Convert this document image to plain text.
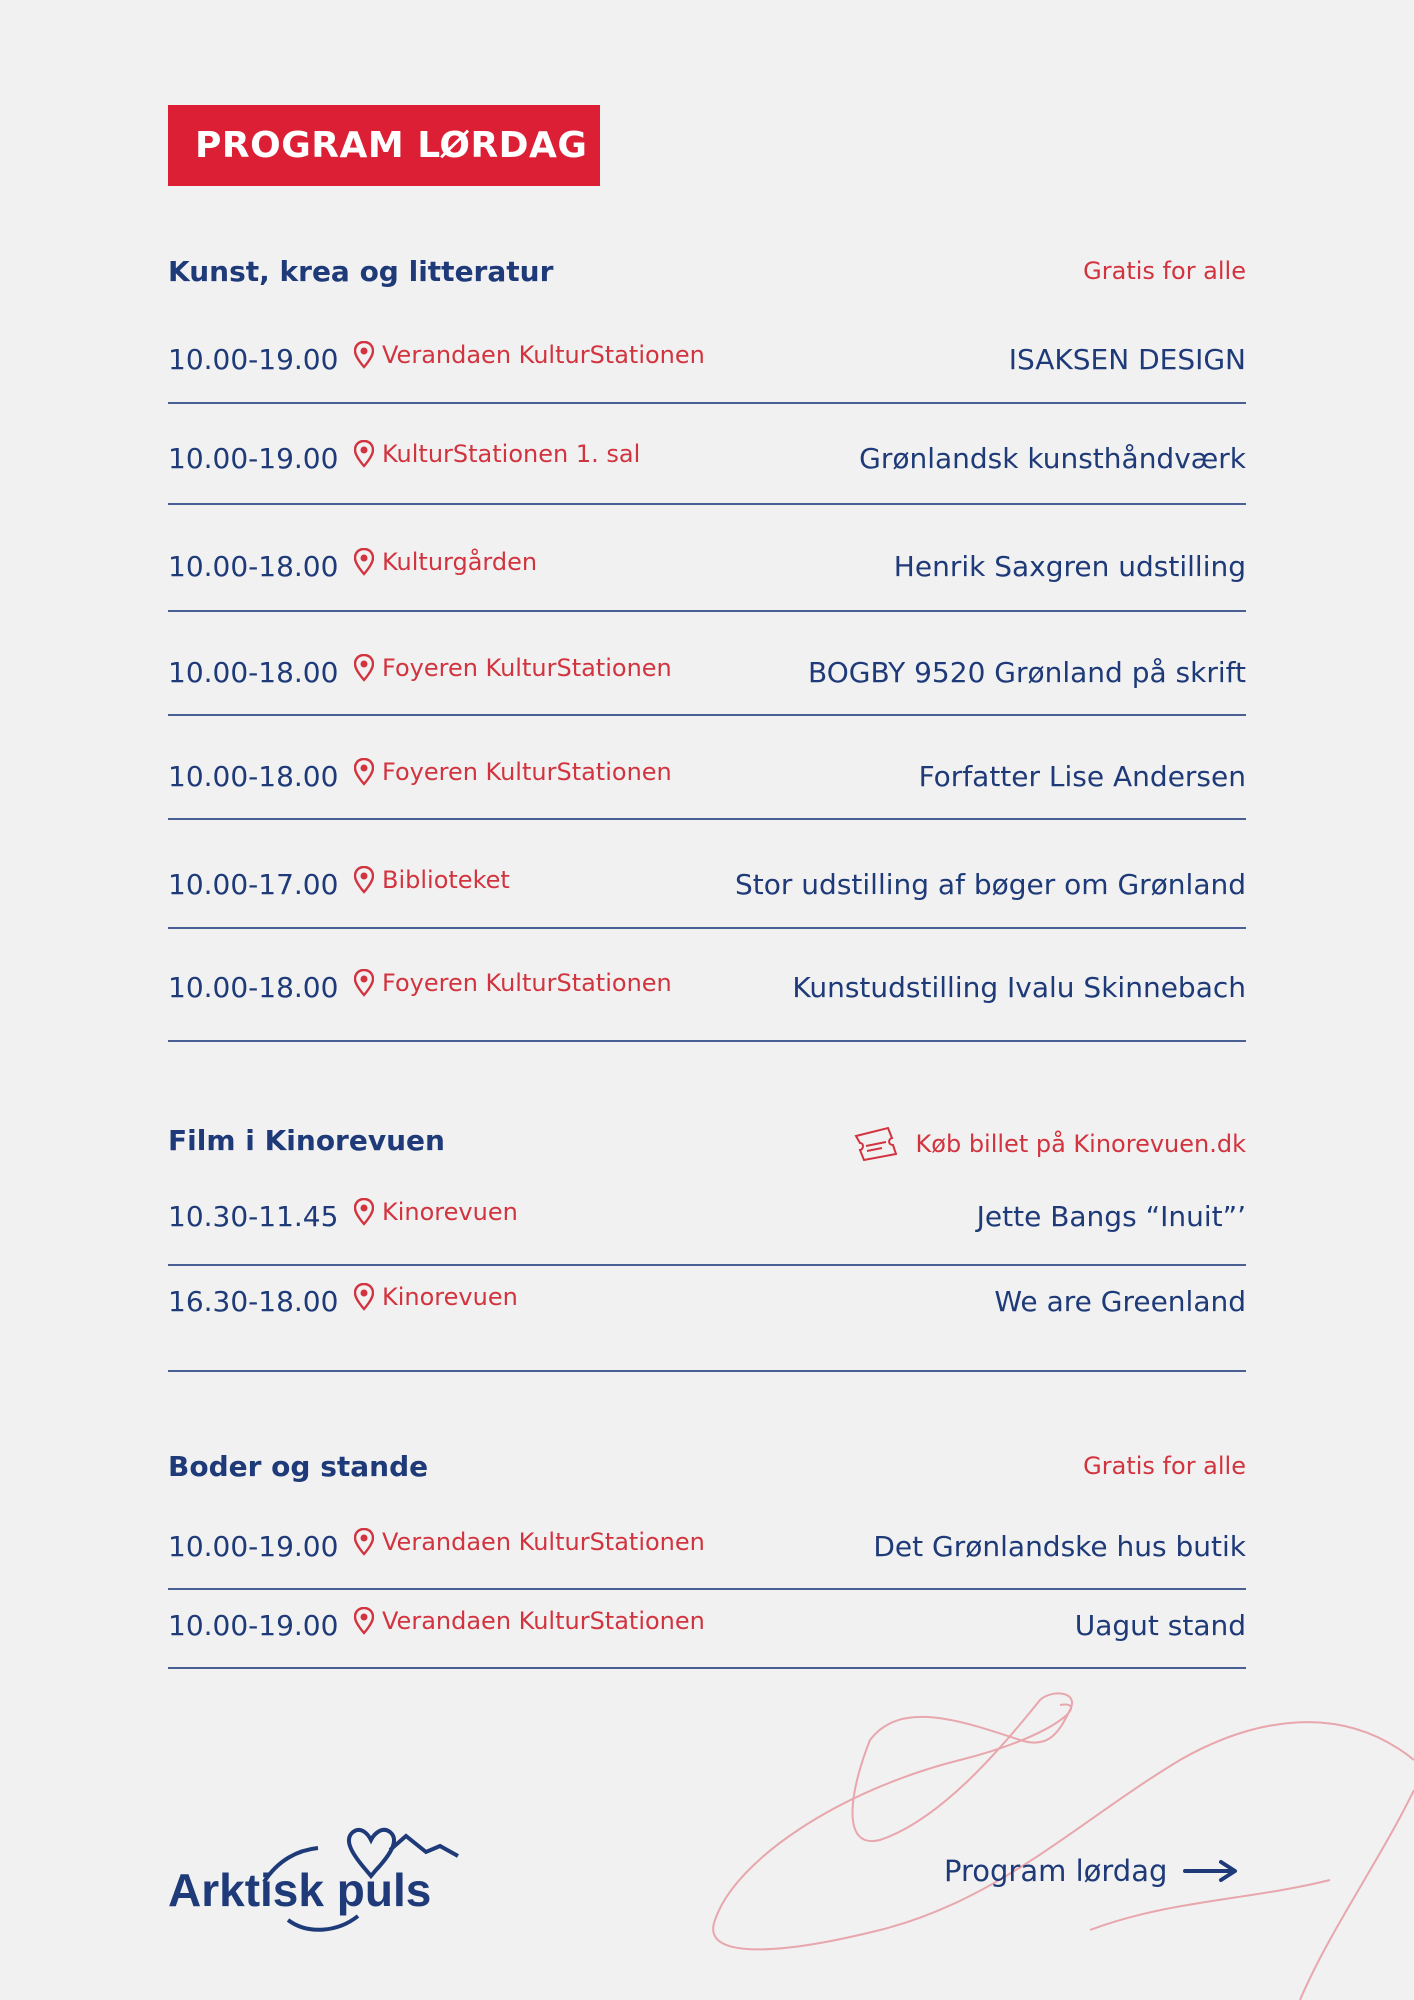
PROGRAM LØRDAG
Kunst, krea og litteratur	Gratis for alle
10.00-19.00 Verandaen KulturStationen	ISAKSEN DESIGN
10.00-19.00 KulturStationen 1. sal	Grønlandsk kunsthåndværk
10.00-18.00 Kulturgården	Henrik Saxgren udstilling
10.00-18.00 Foyeren KulturStationen	BOGBY 9520 Grønland på skrift
10.00-18.00 Foyeren KulturStationen	Forfatter Lise Andersen
10.00-17.00 Biblioteket	Stor udstilling af bøger om Grønland
10.00-18.00 Foyeren KulturStationen	Kunstudstilling Ivalu Skinnebach
Film i Kinorevuen	Køb billet på Kinorevuen.dk
10.30-11.45 Kinorevuen	Jette Bangs “Inuit”’
16.30-18.00 Kinorevuen	We are Greenland
Boder og stande	Gratis for alle
10.00-19.00 Verandaen KulturStationen	Det Grønlandske hus butik
10.00-19.00 Verandaen KulturStationen	Uagut stand
Arktisk puls	Program lørdag
